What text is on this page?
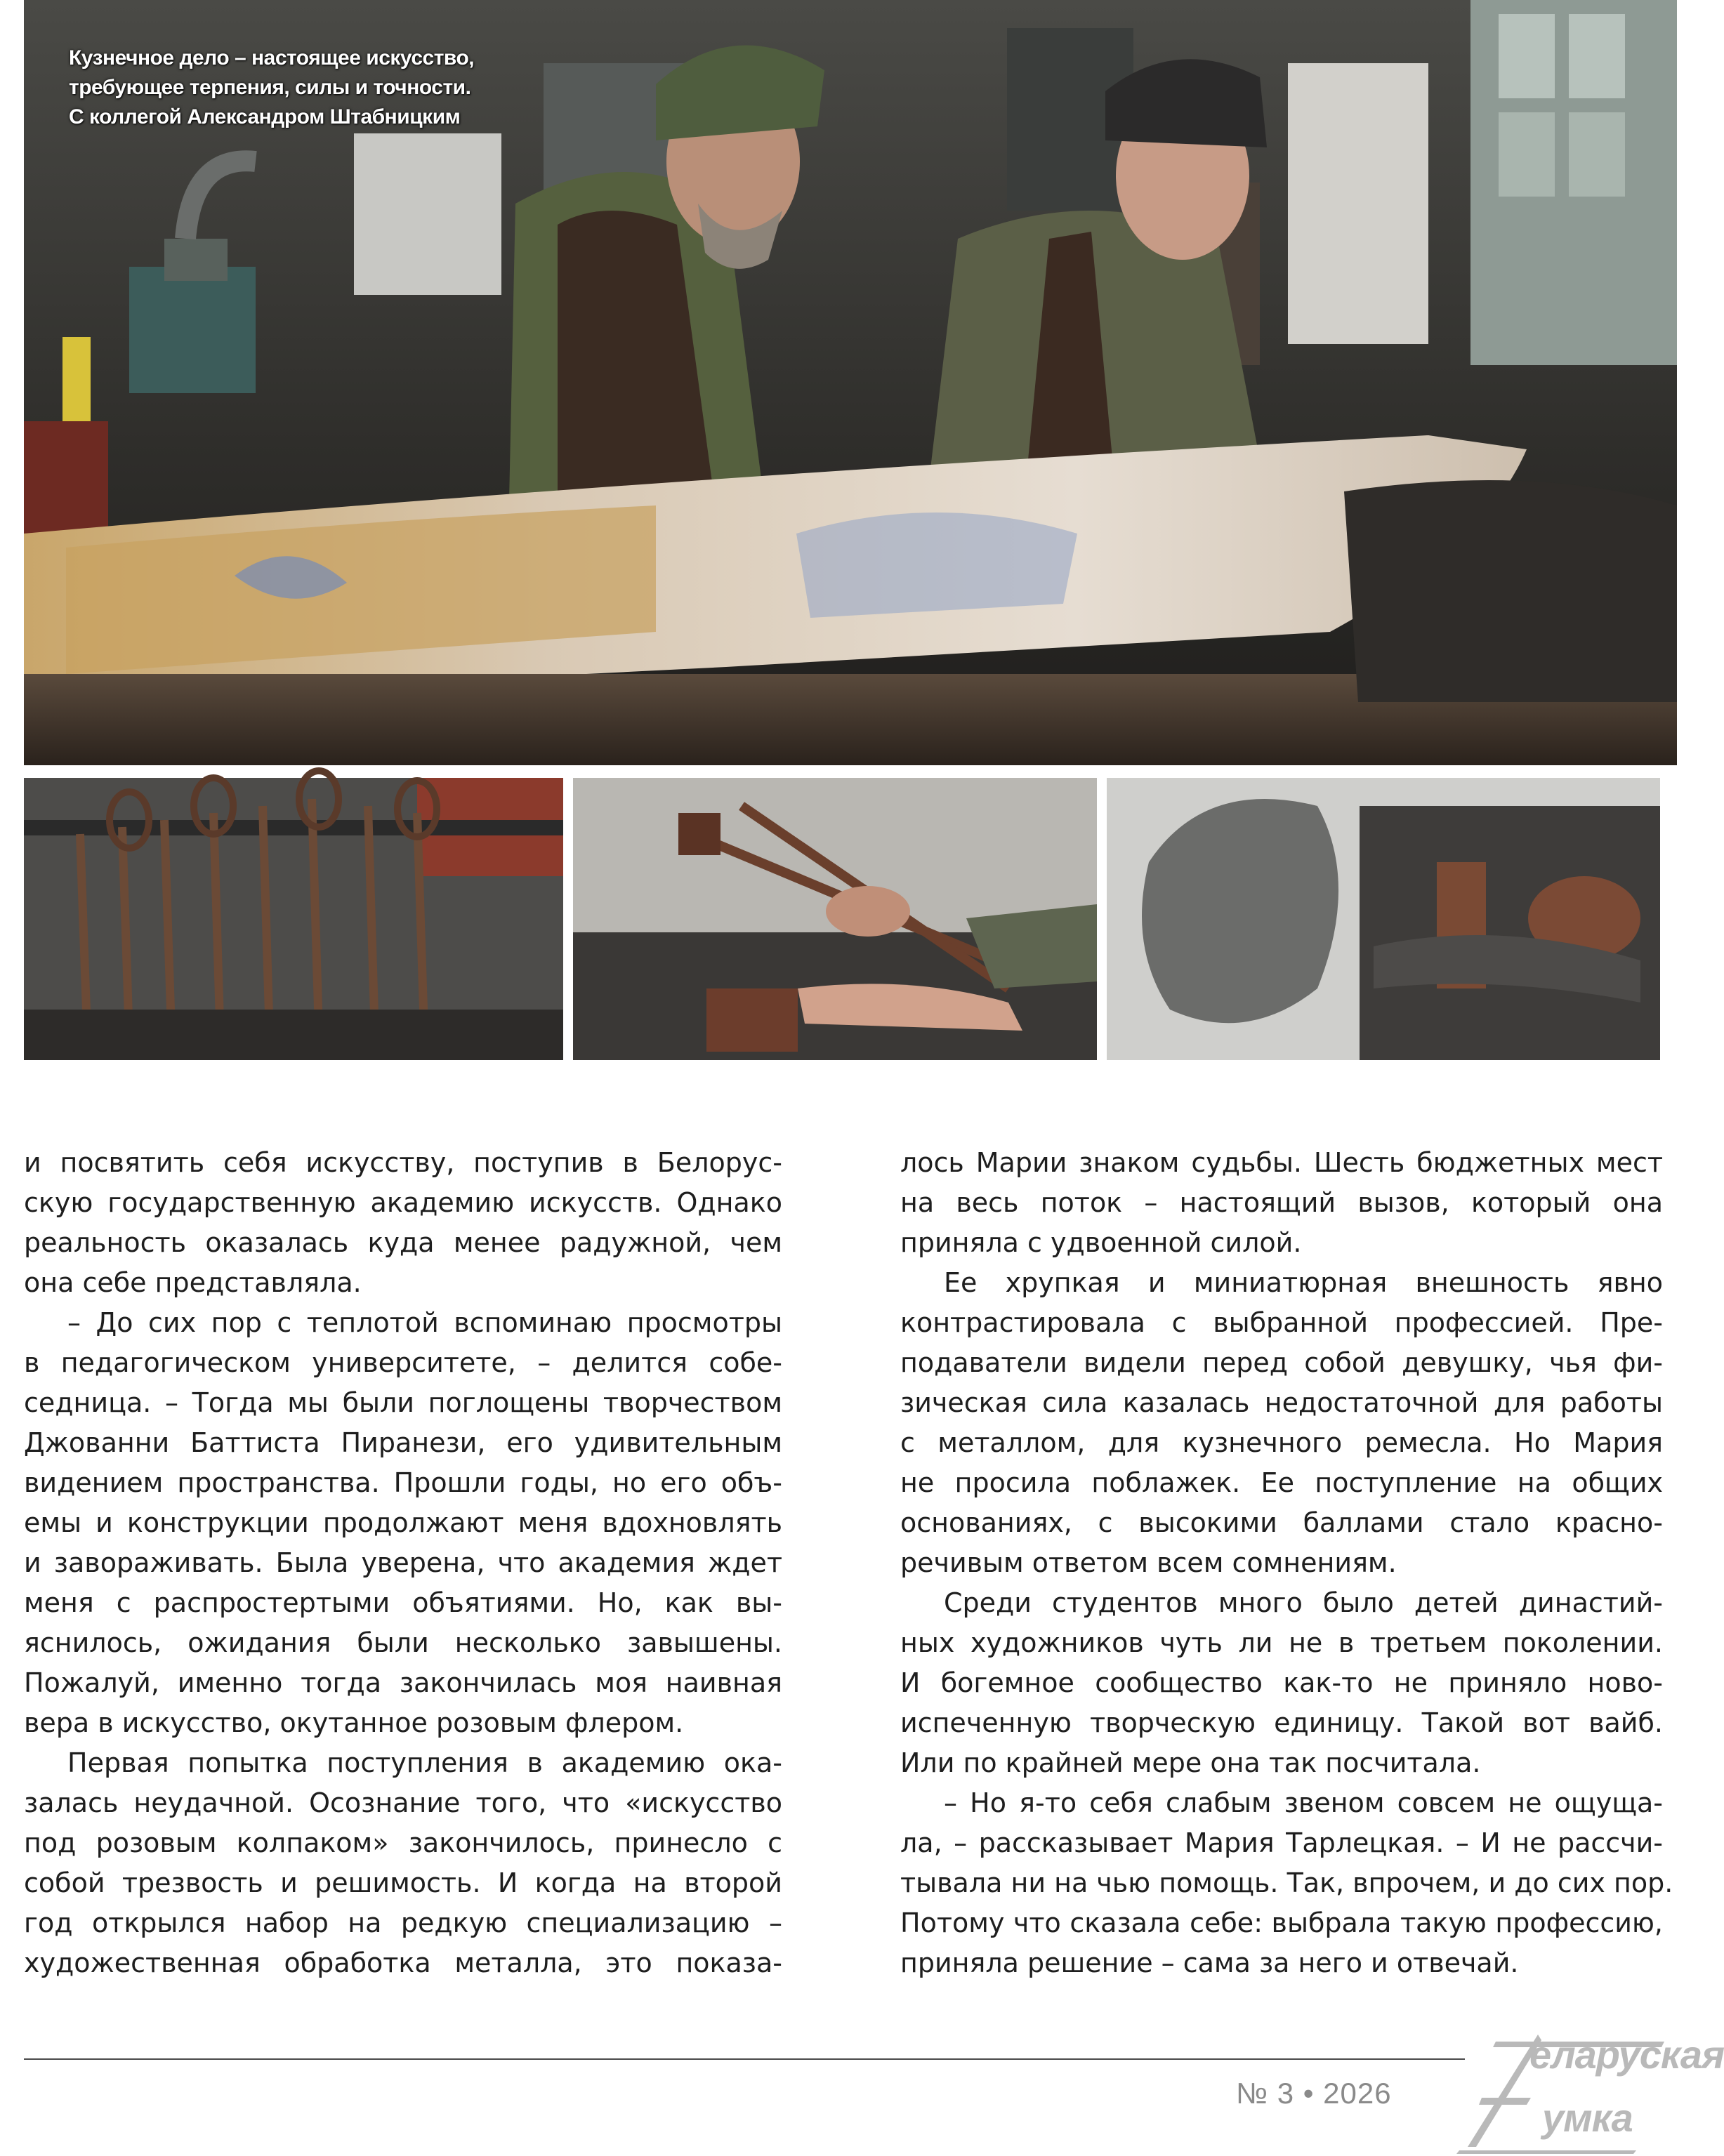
Кузнечное дело – настоящее искусство,
требующее терпения, силы и точности.
С коллегой Александром Штабницким
и посвятить себя искусству, поступив в Белорус-
скую государственную академию искусств. Однако
реальность оказалась куда менее радужной, чем
она себе представляла.
– До сих пор с теплотой вспоминаю просмотры
в педагогическом университете, – делится собе-
седница. – Тогда мы были поглощены творчеством
Джованни Баттиста Пиранези, его удивительным
видением пространства. Прошли годы, но его объ-
емы и конструкции продолжают меня вдохновлять
и завораживать. Была уверена, что академия ждет
меня с распростертыми объятиями. Но, как вы-
яснилось, ожидания были несколько завышены.
Пожалуй, именно тогда закончилась моя наивная
вера в искусство, окутанное розовым флером.
Первая попытка поступления в академию ока-
залась неудачной. Осознание того, что «искусство
под розовым колпаком» закончилось, принесло с
собой трезвость и решимость. И когда на второй
год открылся набор на редкую специализацию –
художественная обработка металла, это показа-
лось Марии знаком судьбы. Шесть бюджетных мест
на весь поток – настоящий вызов, который она
приняла с удвоенной силой.
Ее хрупкая и миниатюрная внешность явно
контрастировала с выбранной профессией. Пре-
подаватели видели перед собой девушку, чья фи-
зическая сила казалась недостаточной для работы
с металлом, для кузнечного ремесла. Но Мария
не просила поблажек. Ее поступление на общих
основаниях, с высокими баллами стало красно-
речивым ответом всем сомнениям.
Среди студентов много было детей династий-
ных художников чуть ли не в третьем поколении.
И богемное сообщество как-то не приняло ново-
испеченную творческую единицу. Такой вот вайб.
Или по крайней мере она так посчитала.
– Но я-то себя слабым звеном совсем не ощуща-
ла, – рассказывает Мария Тарлецкая. – И не рассчи-
тывала ни на чью помощь. Так, впрочем, и до сих пор.
Потому что сказала себе: выбрала такую профессию,
приняла решение – сама за него и отвечай.
№ 3 • 2026
еларуская
умка
